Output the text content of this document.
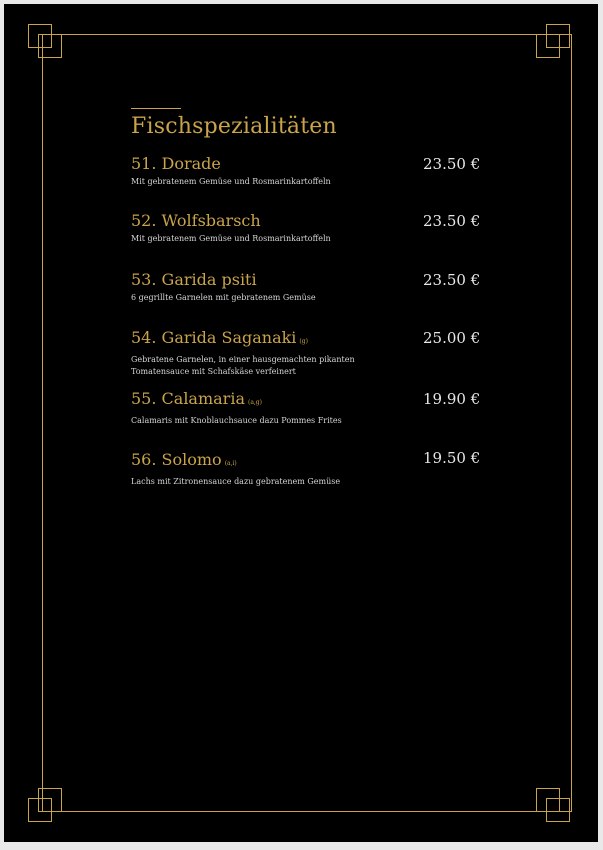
Fischspezialitäten

51. Dorade

Mit gebratenem Gemüse und Rosmarinkartoffeln

23.50 €

52. Wolfsbarsch

Mit gebratenem Gemüse und Rosmarinkartoffeln

23.50 €

53. Garida psiti

6 gegrillte Garnelen mit gebratenem Gemüse

23.50 €

54. Garida Saganaki (g)

Gebratene Garnelen, in einer hausgemachten pikanten Tomatensauce mit Schafskäse verfeinert

25.00 €

55. Calamaria (a,g)

Calamaris mit Knoblauchsauce dazu Pommes Frites

19.90 €

56. Solomo (a,i)

Lachs mit Zitronensauce dazu gebratenem Gemüse

19.50 €
